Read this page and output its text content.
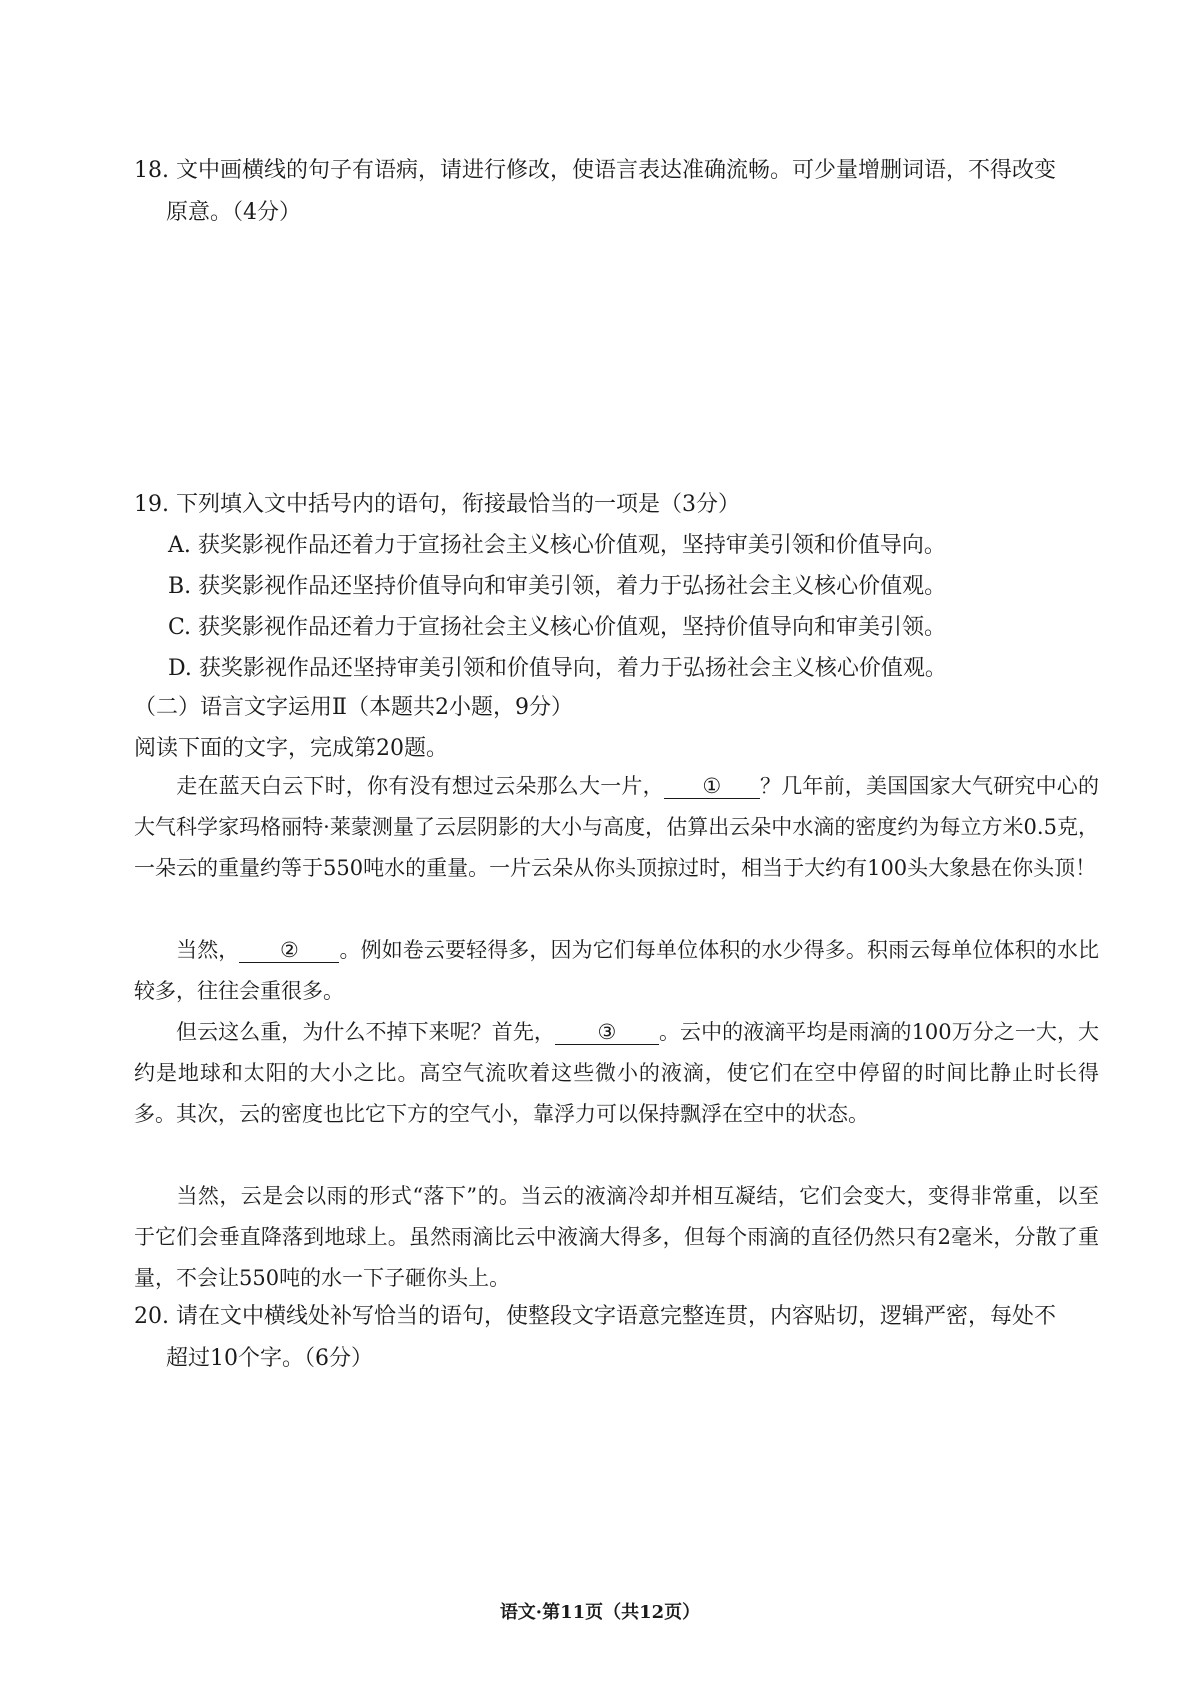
18. 文中画横线的句子有语病，请进行修改，使语言表达准确流畅。可少量增删词语，不得改变
原意。（4分）
19. 下列填入文中括号内的语句，衔接最恰当的一项是（3分）
A. 获奖影视作品还着力于宣扬社会主义核心价值观，坚持审美引领和价值导向。
B. 获奖影视作品还坚持价值导向和审美引领，着力于弘扬社会主义核心价值观。
C. 获奖影视作品还着力于宣扬社会主义核心价值观，坚持价值导向和审美引领。
D. 获奖影视作品还坚持审美引领和价值导向，着力于弘扬社会主义核心价值观。
（二）语言文字运用Ⅱ（本题共2小题，9分）
阅读下面的文字，完成第20题。
走在蓝天白云下时，你有没有想过云朵那么大一片， ① ？几年前，美国国家大气研究中心的大气科学家玛格丽特·莱蒙测量了云层阴影的大小与高度，估算出云朵中水滴的密度约为每立方米0.5克，一朵云的重量约等于550吨水的重量。一片云朵从你头顶掠过时，相当于大约有100头大象悬在你头顶！
当然， ② 。例如卷云要轻得多，因为它们每单位体积的水少得多。积雨云每单位体积的水比较多，往往会重很多。
但云这么重，为什么不掉下来呢？首先， ③ 。云中的液滴平均是雨滴的100万分之一大，大约是地球和太阳的大小之比。高空气流吹着这些微小的液滴，使它们在空中停留的时间比静止时长得多。其次，云的密度也比它下方的空气小，靠浮力可以保持飘浮在空中的状态。
当然，云是会以雨的形式“落下”的。当云的液滴冷却并相互凝结，它们会变大，变得非常重，以至于它们会垂直降落到地球上。虽然雨滴比云中液滴大得多，但每个雨滴的直径仍然只有2毫米，分散了重量，不会让550吨的水一下子砸你头上。
20. 请在文中横线处补写恰当的语句，使整段文字语意完整连贯，内容贴切，逻辑严密，每处不
超过10个字。（6分）
语文·第11页（共12页）
